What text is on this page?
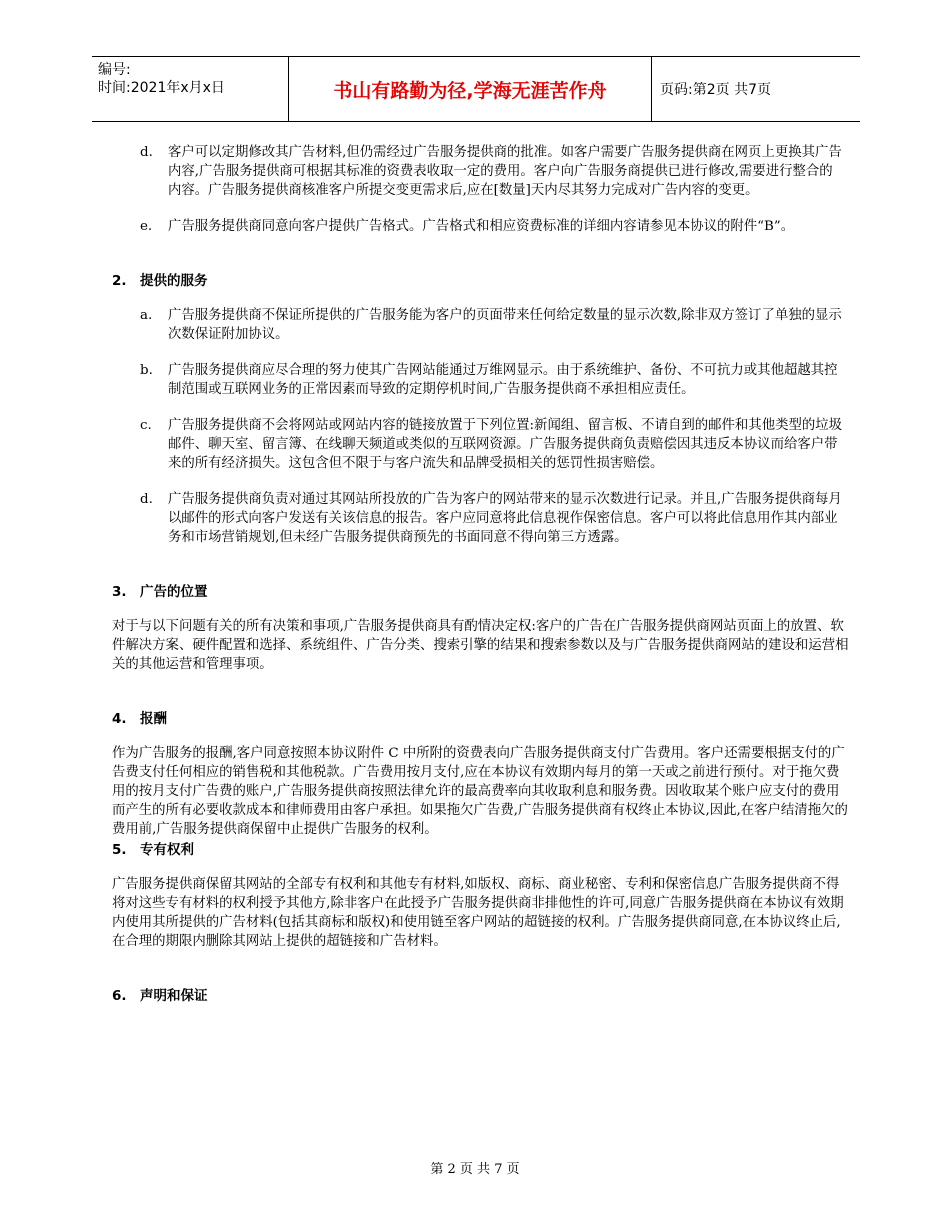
编号:
时间:2021年x月x日	书山有路勤为径,学海无涯苦作舟	页码:第2页 共7页
d.	客户可以定期修改其广告材料,但仍需经过广告服务提供商的批准。如客户需要广告服务提供商在网页上更换其广告内容,广告服务提供商可根据其标准的资费表收取一定的费用。客户向广告服务商提供已进行修改,需要进行整合的内容。广告服务提供商核准客户所提交变更需求后,应在[数量]天内尽其努力完成对广告内容的变更。
e.	广告服务提供商同意向客户提供广告格式。广告格式和相应资费标准的详细内容请参见本协议的附件“B”。
2. 提供的服务
a.	广告服务提供商不保证所提供的广告服务能为客户的页面带来任何给定数量的显示次数,除非双方签订了单独的显示次数保证附加协议。
b.	广告服务提供商应尽合理的努力使其广告网站能通过万维网显示。由于系统维护、备份、不可抗力或其他超越其控制范围或互联网业务的正常因素而导致的定期停机时间,广告服务提供商不承担相应责任。
c.	广告服务提供商不会将网站或网站内容的链接放置于下列位置:新闻组、留言板、不请自到的邮件和其他类型的垃圾邮件、聊天室、留言簿、在线聊天频道或类似的互联网资源。广告服务提供商负责赔偿因其违反本协议而给客户带来的所有经济损失。这包含但不限于与客户流失和品牌受损相关的惩罚性损害赔偿。
d.	广告服务提供商负责对通过其网站所投放的广告为客户的网站带来的显示次数进行记录。并且,广告服务提供商每月以邮件的形式向客户发送有关该信息的报告。客户应同意将此信息视作保密信息。客户可以将此信息用作其内部业务和市场营销规划,但未经广告服务提供商预先的书面同意不得向第三方透露。
3. 广告的位置
对于与以下问题有关的所有决策和事项,广告服务提供商具有酌情决定权:客户的广告在广告服务提供商网站页面上的放置、软件解决方案、硬件配置和选择、系统组件、广告分类、搜索引擎的结果和搜索参数以及与广告服务提供商网站的建设和运营相关的其他运营和管理事项。
4. 报酬
作为广告服务的报酬,客户同意按照本协议附件 C 中所附的资费表向广告服务提供商支付广告费用。客户还需要根据支付的广告费支付任何相应的销售税和其他税款。广告费用按月支付,应在本协议有效期内每月的第一天或之前进行预付。对于拖欠费用的按月支付广告费的账户,广告服务提供商按照法律允许的最高费率向其收取利息和服务费。因收取某个账户应支付的费用而产生的所有必要收款成本和律师费用由客户承担。如果拖欠广告费,广告服务提供商有权终止本协议,因此,在客户结清拖欠的费用前,广告服务提供商保留中止提供广告服务的权利。
5. 专有权利
广告服务提供商保留其网站的全部专有权利和其他专有材料,如版权、商标、商业秘密、专利和保密信息广告服务提供商不得将对这些专有材料的权利授予其他方,除非客户在此授予广告服务提供商非排他性的许可,同意广告服务提供商在本协议有效期内使用其所提供的广告材料(包括其商标和版权)和使用链至客户网站的超链接的权利。广告服务提供商同意,在本协议终止后,在合理的期限内删除其网站上提供的超链接和广告材料。
6. 声明和保证
第 2 页 共 7 页
